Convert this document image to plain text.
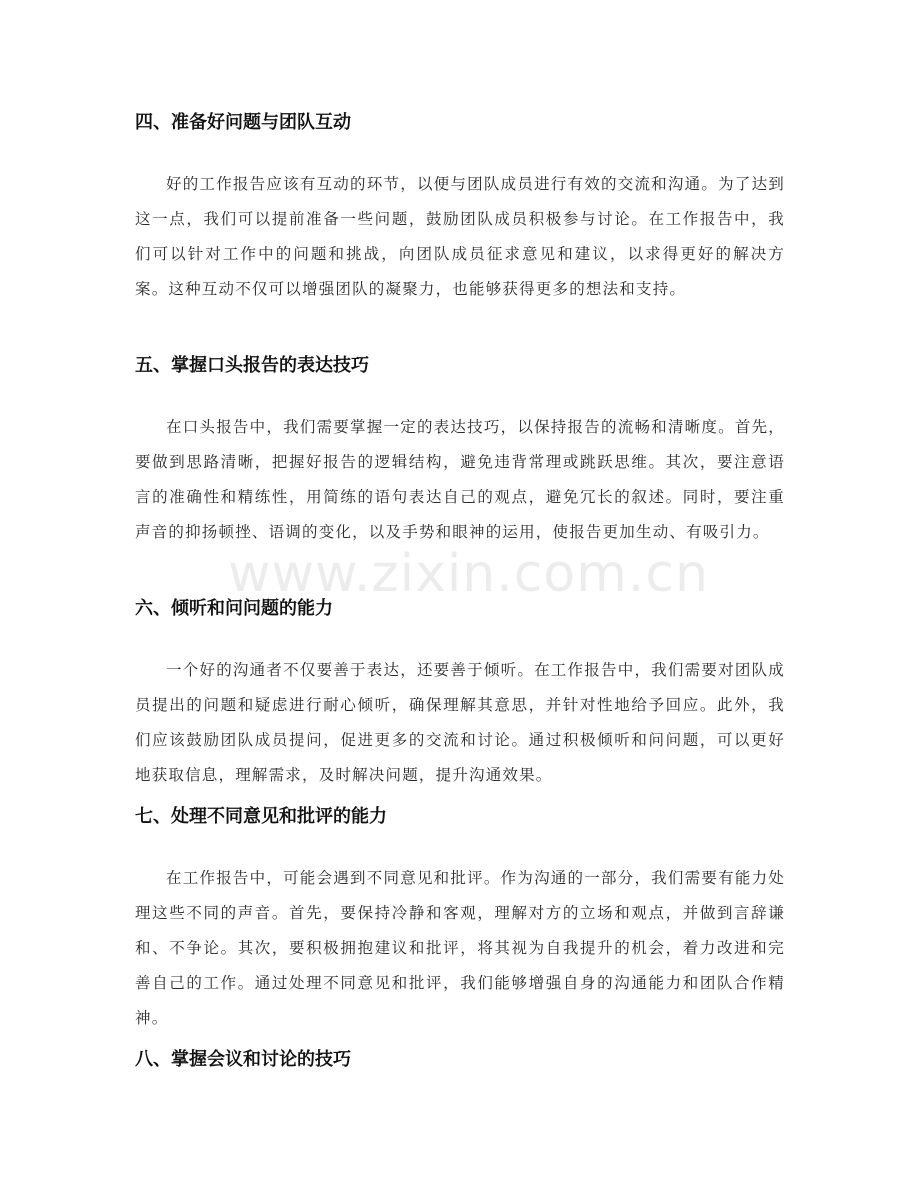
四、准备好问题与团队互动

好的工作报告应该有互动的环节，以便与团队成员进行有效的交流和沟通。为了达到这一点，我们可以提前准备一些问题，鼓励团队成员积极参与讨论。在工作报告中，我们可以针对工作中的问题和挑战，向团队成员征求意见和建议，以求得更好的解决方案。这种互动不仅可以增强团队的凝聚力，也能够获得更多的想法和支持。

五、掌握口头报告的表达技巧

在口头报告中，我们需要掌握一定的表达技巧，以保持报告的流畅和清晰度。首先，要做到思路清晰，把握好报告的逻辑结构，避免违背常理或跳跃思维。其次，要注意语言的准确性和精练性，用简练的语句表达自己的观点，避免冗长的叙述。同时，要注重声音的抑扬顿挫、语调的变化，以及手势和眼神的运用，使报告更加生动、有吸引力。

六、倾听和问问题的能力

一个好的沟通者不仅要善于表达，还要善于倾听。在工作报告中，我们需要对团队成员提出的问题和疑虑进行耐心倾听，确保理解其意思，并针对性地给予回应。此外，我们应该鼓励团队成员提问，促进更多的交流和讨论。通过积极倾听和问问题，可以更好地获取信息，理解需求，及时解决问题，提升沟通效果。

七、处理不同意见和批评的能力

在工作报告中，可能会遇到不同意见和批评。作为沟通的一部分，我们需要有能力处理这些不同的声音。首先，要保持冷静和客观，理解对方的立场和观点，并做到言辞谦和、不争论。其次，要积极拥抱建议和批评，将其视为自我提升的机会，着力改进和完善自己的工作。通过处理不同意见和批评，我们能够增强自身的沟通能力和团队合作精神。

八、掌握会议和讨论的技巧
www.zixin.com.cn
